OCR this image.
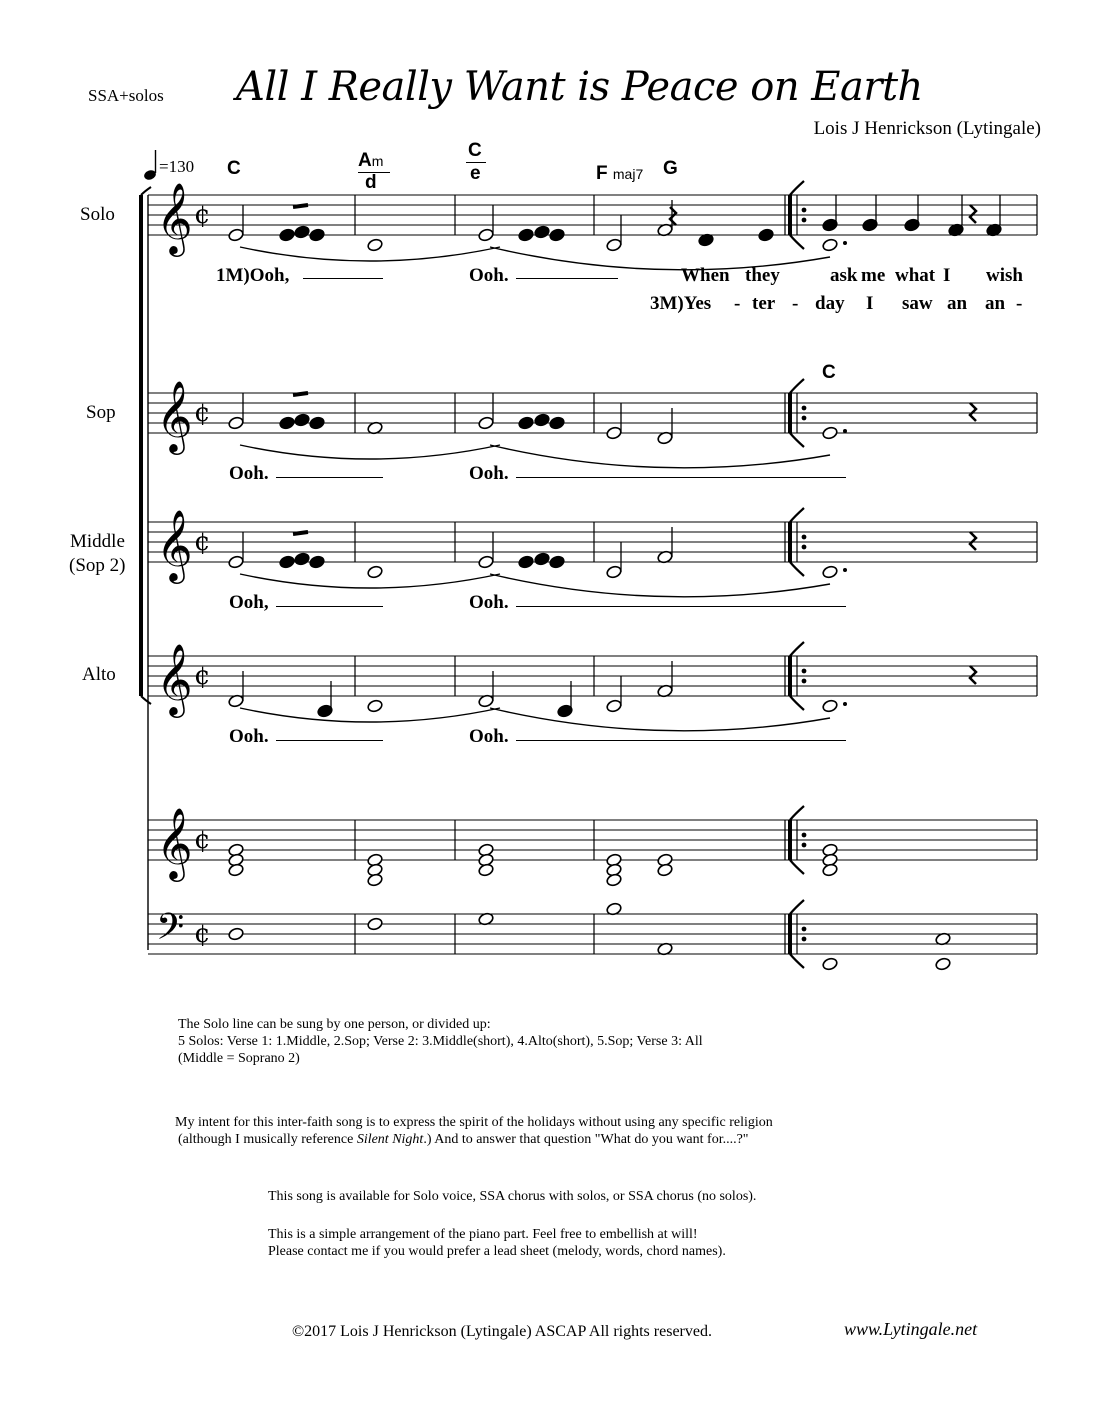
SSA+solos All I Really Want is Peace on Earth
Lois J Henrickson (Lytingale)
𝄞 ¢
𝄞 ¢
𝄞 ¢
𝄞 ¢
𝄞 ¢
𝄢 ¢
=130 C	Am
d
C
e	F maj7 G
C
Solo
Sop
Middle
(Sop 2)
Alto
1M)Ooh,	Ooh.	When they	ask me what I wish
3M)Yes - ter - day I saw an an -
Ooh.	Ooh.
Ooh,	Ooh.
Ooh.	Ooh.
The Solo line can be sung by one person, or divided up:
5 Solos: Verse 1: 1.Middle, 2.Sop; Verse 2: 3.Middle(short), 4.Alto(short), 5.Sop; Verse 3: All
(Middle = Soprano 2)
My intent for this inter-faith song is to express the spirit of the holidays without using any specific religion
(although I musically reference Silent Night.) And to answer that question "What do you want for....?"
This song is available for Solo voice, SSA chorus with solos, or SSA chorus (no solos).
This is a simple arrangement of the piano part. Feel free to embellish at will!
Please contact me if you would prefer a lead sheet (melody, words, chord names).
©2017 Lois J Henrickson (Lytingale) ASCAP All rights reserved.	www.Lytingale.net
